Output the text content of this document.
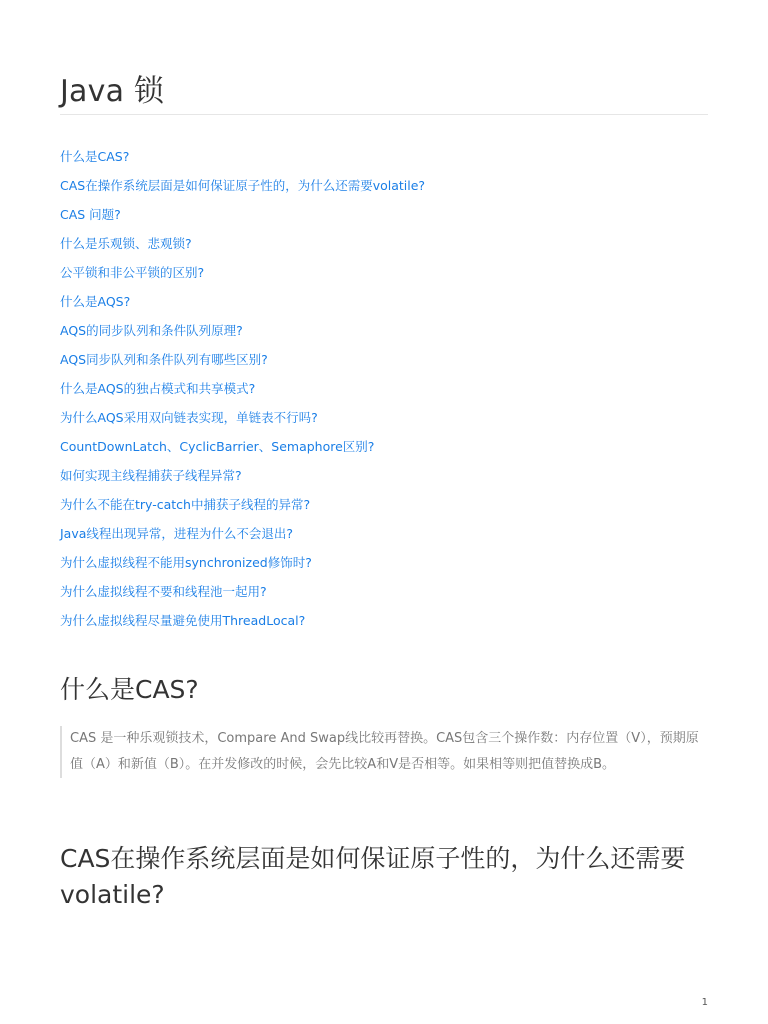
Java 锁
什么是CAS?
CAS在操作系统层面是如何保证原子性的，为什么还需要volatile?
CAS 问题?
什么是乐观锁、悲观锁?
公平锁和非公平锁的区别?
什么是AQS?
AQS的同步队列和条件队列原理?
AQS同步队列和条件队列有哪些区别?
什么是AQS的独占模式和共享模式?
为什么AQS采用双向链表实现，单链表不行吗?
CountDownLatch、CyclicBarrier、Semaphore区别?
如何实现主线程捕获子线程异常?
为什么不能在try-catch中捕获子线程的异常?
Java线程出现异常，进程为什么不会退出?
为什么虚拟线程不能用synchronized修饰时?
为什么虚拟线程不要和线程池一起用?
为什么虚拟线程尽量避免使用ThreadLocal?
什么是CAS?

CAS 是一种乐观锁技术，Compare And Swap线比较再替换。CAS包含三个操作数：内存位置（V），预期原值（A）和新值（B）。在并发修改的时候，会先比较A和V是否相等。如果相等则把值替换成B。

CAS在操作系统层面是如何保证原子性的，为什么还需要volatile?
1
